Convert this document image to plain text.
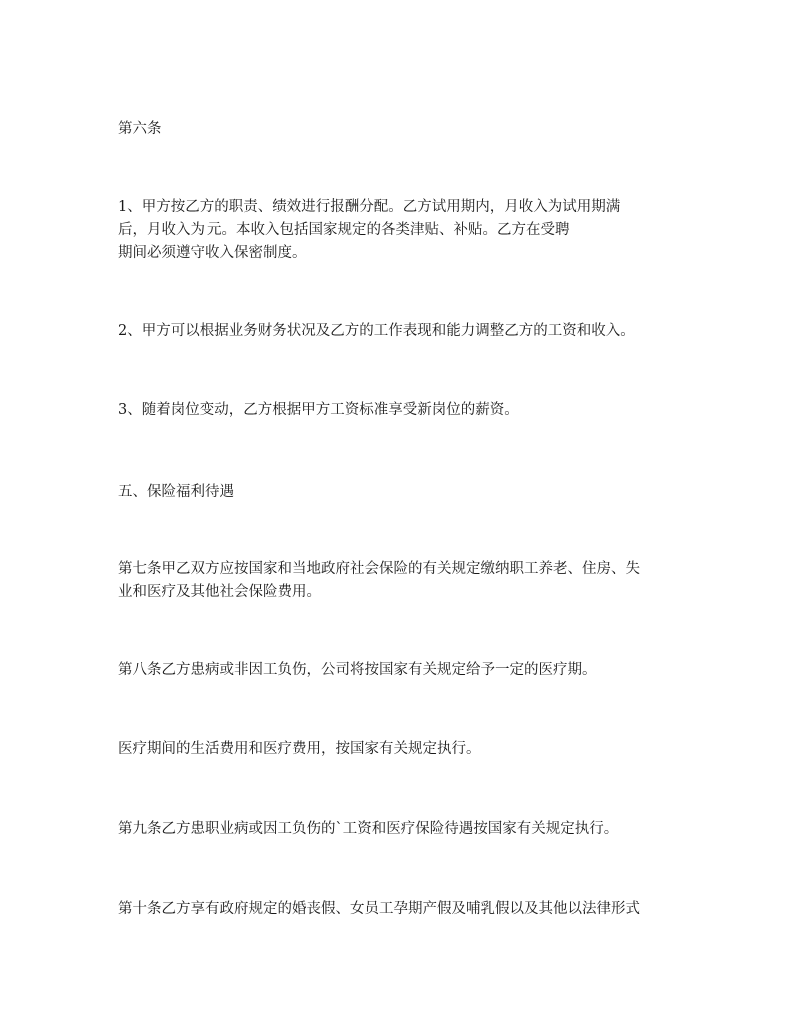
第六条
1、甲方按乙方的职责、绩效进行报酬分配。乙方试用期内，月收入为试用期满
后，月收入为 元。本收入包括国家规定的各类津贴、补贴。乙方在受聘
期间必须遵守收入保密制度。
2、甲方可以根据业务财务状况及乙方的工作表现和能力调整乙方的工资和收入。
3、随着岗位变动，乙方根据甲方工资标准享受新岗位的薪资。
五、保险福利待遇
第七条甲乙双方应按国家和当地政府社会保险的有关规定缴纳职工养老、住房、失
业和医疗及其他社会保险费用。
第八条乙方患病或非因工负伤，公司将按国家有关规定给予一定的医疗期。
医疗期间的生活费用和医疗费用，按国家有关规定执行。
第九条乙方患职业病或因工负伤的`工资和医疗保险待遇按国家有关规定执行。
第十条乙方享有政府规定的婚丧假、女员工孕期产假及哺乳假以及其他以法律形式
